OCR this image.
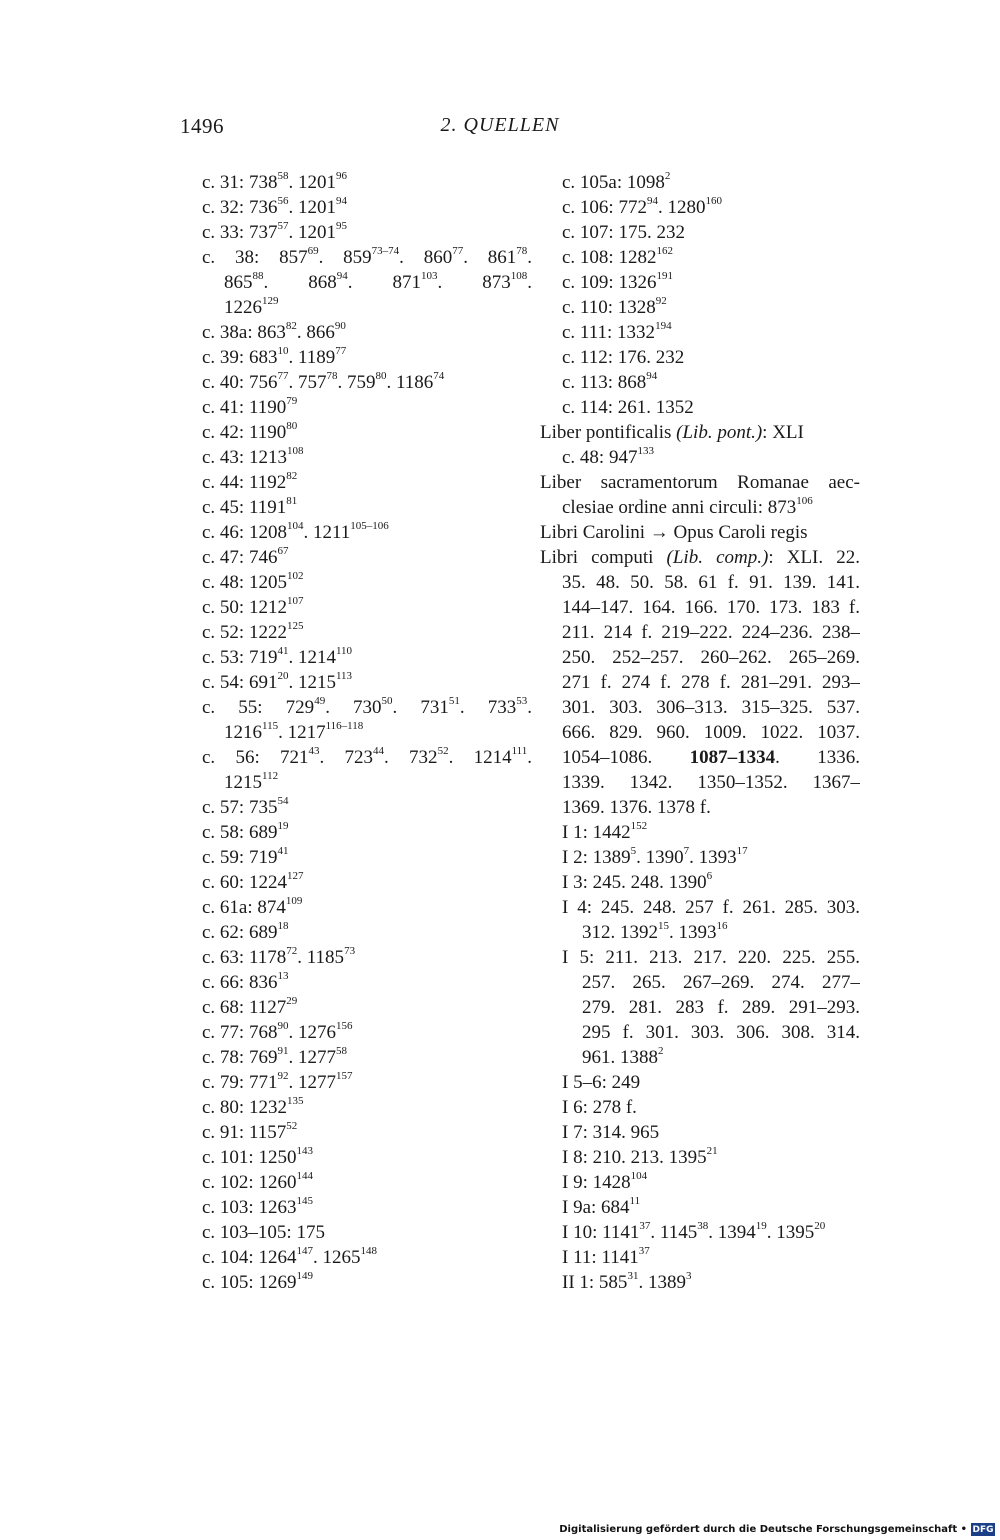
1496	2. QUELLEN
c. 31: $738^{58}$. 1201$^{96}$
c. 32: $736^{56}$. 1201$^{94}$
c. 33: $737^{57}$. 1201$^{95}$
c. 38: $857^{69}$. 859$^{73-74}$. $860^{77}$. $861^{78}$.
$865^{88}$. $868^{94}$. $871^{103}$. $873^{108}$.
1226$^{129}$
c. 38a: $863^{82}$. $866^{90}$
c. 39: $683^{10}$. 1189$^{77}$
c. 40: $756^{77}$. $757^{78}$. $759^{80}$. 1186$^{74}$
c. 41: 1190$^{79}$
c. 42: 1190$^{80}$
c. 43: 1213$^{108}$
c. 44: 1192$^{82}$
c. 45: 1191$^{81}$
c. 46: 1208$^{104}$. 1211$^{105-106}$
c. 47: $746^{67}$
c. 48: 1205$^{102}$
c. 50: 1212$^{107}$
c. 52: 1222$^{125}$
c. 53: $719^{41}$. 1214$^{110}$
c. 54: $691^{20}$. 1215$^{113}$
c. 55: $729^{49}$. $730^{50}$. $731^{51}$. $733^{53}$.
1216$^{115}$. 1217$^{116-118}$
c. 56: $721^{43}$. $723^{44}$. $732^{52}$. 1214$^{111}$.
1215$^{112}$
c. 57: $735^{54}$
c. 58: $689^{19}$
c. 59: $719^{41}$
c. 60: 1224$^{127}$
c. 61a: $874^{109}$
c. 62: $689^{18}$
c. 63: 1178$^{72}$. 1185$^{73}$
c. 66: $836^{13}$
c. 68: 1127$^{29}$
c. 77: $768^{90}$. 1276$^{156}$
c. 78: $769^{91}$. 1277$^{58}$
c. 79: $771^{92}$. 1277$^{157}$
c. 80: 1232$^{135}$
c. 91: 1157$^{52}$
c. 101: 1250$^{143}$
c. 102: 1260$^{144}$
c. 103: 1263$^{145}$
c. 103–105: 175
c. 104: 1264$^{147}$. 1265$^{148}$
c. 105: 1269$^{149}$
c. 105a: 1098$^2$
c. 106: $772^{94}$. 1280$^{160}$
c. 107: 175. 232
c. 108: 1282$^{162}$
c. 109: 1326$^{191}$
c. 110: 1328$^{92}$
c. 111: 1332$^{194}$
c. 112: 176. 232
c. 113: $868^{94}$
c. 114: 261. 1352
Liber pontificalis (Lib. pont.): XLI
c. 48: $947^{133}$
Liber sacramentorum Romanae aec-
clesiae ordine anni circuli: $873^{106}$
Libri Carolini → Opus Caroli regis
Libri computi (Lib. comp.): XLI. 22.
35. 48. 50. 58. 61 f. 91. 139. 141.
144–147. 164. 166. 170. 173. 183 f.
211. 214 f. 219–222. 224–236. 238–
250. 252–257. 260–262. 265–269.
271 f. 274 f. 278 f. 281–291. 293–
301. 303. 306–313. 315–325. 537.
666. 829. 960. 1009. 1022. 1037.
1054–1086. 1087–1334. 1336.
1339. 1342. 1350–1352. 1367–
1369. 1376. 1378 f.
I 1: 1442$^{152}$
I 2: 1389$^5$. 1390$^7$. 1393$^{17}$
I 3: 245. 248. 1390$^6$
I 4: 245. 248. 257 f. 261. 285. 303.
312. 1392$^{15}$. 1393$^{16}$
I 5: 211. 213. 217. 220. 225. 255.
257. 265. 267–269. 274. 277–
279. 281. 283 f. 289. 291–293.
295 f. 301. 303. 306. 308. 314.
961. 1388$^2$
I 5–6: 249
I 6: 278 f.
I 7: 314. 965
I 8: 210. 213. 1395$^{21}$
I 9: 1428$^{104}$
I 9a: $684^{11}$
I 10: 1141$^{37}$. 1145$^{38}$. 1394$^{19}$. 1395$^{20}$
I 11: 1141$^{37}$
II 1: $585^{31}$. 1389$^3$
Digitalisierung gefördert durch die Deutsche Forschungsgemeinschaft • DFG
